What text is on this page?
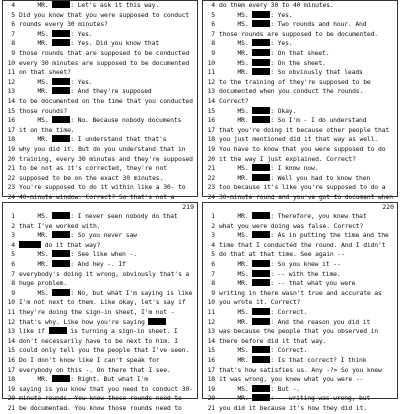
4 MR.	: Let's ask it this way.
5 Did you know that you were supposed to conduct
6 rounds every 30 minutes?
7 MS.	: Yes.
8 MR.	: Yes. Did you know that
9 those rounds that are supposed to be conducted
10 every 30 minutes are supposed to be documented
11 on that sheet?
12 MS.	: Yes.
13 MR.	: And they're supposed
14 to be documented on the time that you conducted
15 those rounds?
16 MS.	: No. Because nobody documents
17 it on the time.
18 MR.	: I understand that that's
19 why you did it. But do you understand that in
20 training, every 30 minutes and they're supposed
21 to be not as it's corrected, they're not
22 supposed to be on the exact 30 minutes.
23 You're supposed to do it within like a 30- to
24 40-minute window. Correct? So that's not a
4 do them every 30 to 40 minutes.
5 MS.	: Yes.
6 MS.	: Two rounds and hour. And
7 those rounds are supposed to be documented.
8 MS.	: Yes.
9 MR.	: On that sheet.
10 MS.	: On the sheet.
11 MR.	: So obviously that leads
12 to the training of they're supposed to be
13 documented when you conduct the rounds.
14 Correct?
15 MS.	: Okay.
16 MR.	: So I'm - I do understand
17 that you're doing it because other people that
18 you just mentioned did it that way as well.
19 You have to know that you were supposed to do
20 it the way I just explained. Correct?
21 MS.	: I know now.
22 MR.	: Well you had to know then
23 too because it's like you're supposed to do a
24 30-minute round and you've got to document when
219
1 MS.	: I never seen nobody do that
2 that I've worked with.
3 MR.	: So you never saw
4	do it that way?
5 MS.	: See like when -.
6 MR.	: And hey -. If
7 everybody's doing it wrong, obviously that's a
8 huge problem.
9 MS.	: No, but what I'm saying is like
10 I'm not next to them. Like okay, let's say if
11 they're doing the sign-in sheet, I'm not -
12 that's why. Like how you're saying
13 like if	is turning a sign-in sheet. I
14 don't necessarily have to be next to him. I
15 could only tell you the people that I've seen.
16 Do I don't know like I can't speak for
17 everybody on this -. On there that I see.
18 MR.	: Right. But what I'm
19 saying is you know that you need to conduct 30-
20 minute rounds. You know those rounds need to
21 be documented. You know those rounds need to
220
1 MR.	: Therefore, you knew that
2 what you were doing was false. Correct?
3 MS.	: As in putting the time and the
4 time that I conducted the round. And I didn't
5 do that at that time. See again --
6 MR.	: So you knew it --
7 MS.	: -- with the time.
8 MR.	: -- that what you were
9 writing in there wasn't true and accurate as
10 you wrote it. Correct?
11 MS.	: Correct.
12 MR.	: And the reason you did it
13 was because the people that you observed in
14 there before did it that way.
15 MS.	: Correct.
16 MR.	: Is that correct? I think
17 that's how satisfies us. Any -?> So you knew
18 it was wrong, you knew what you were --
19 MS.	: But -.
20 MR.	: -- writing was wrong, but
21 you did it because it's how they did it.
